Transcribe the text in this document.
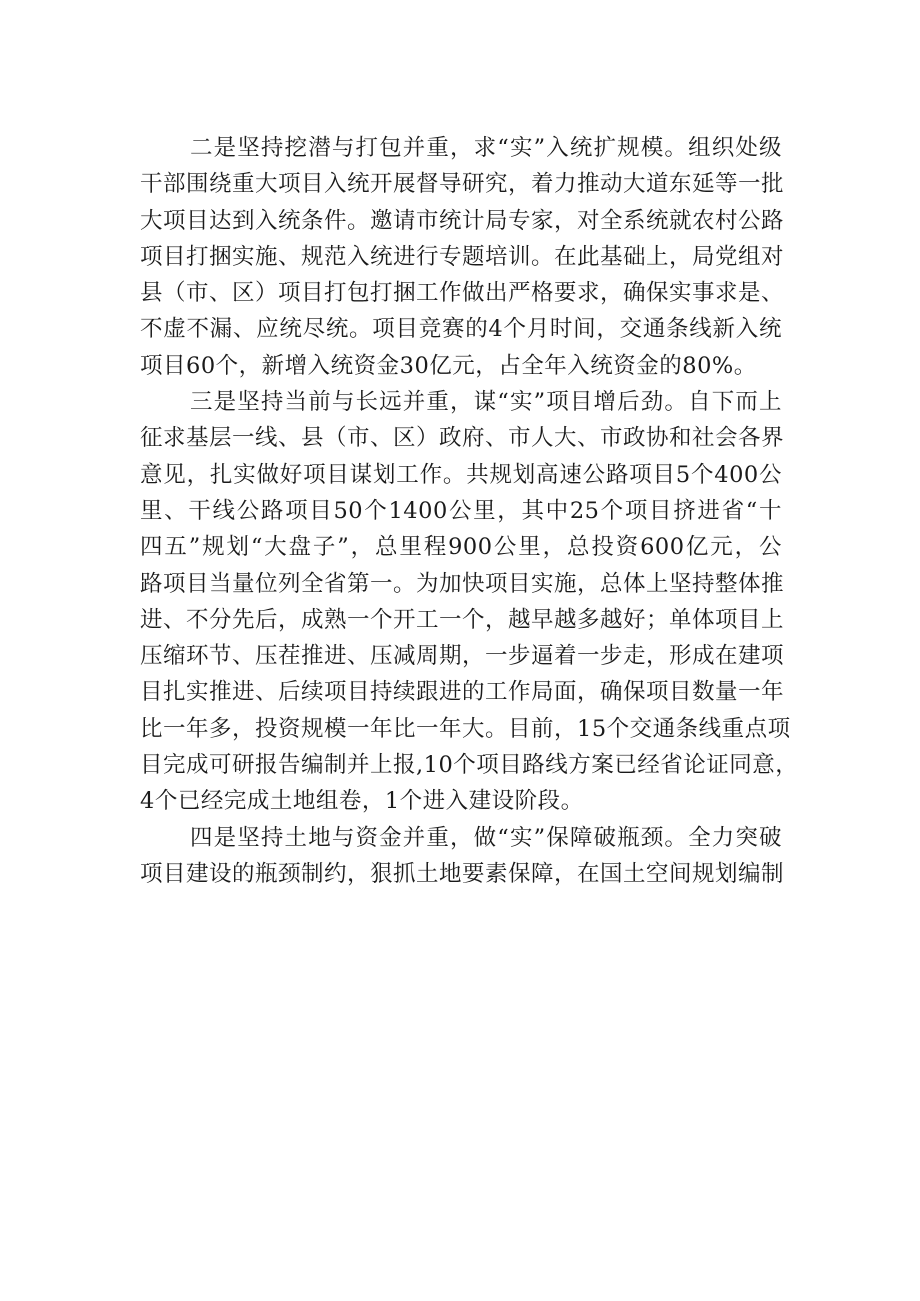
二是坚持挖潜与打包并重，求“实”入统扩规模。组织处级
干部围绕重大项目入统开展督导研究，着力推动大道东延等一批
大项目达到入统条件。邀请市统计局专家，对全系统就农村公路
项目打捆实施、规范入统进行专题培训。在此基础上，局党组对
县（市、区）项目打包打捆工作做出严格要求，确保实事求是、
不虚不漏、应统尽统。项目竞赛的4个月时间，交通条线新入统
项目60个，新增入统资金30亿元，占全年入统资金的80%。
三是坚持当前与长远并重，谋“实”项目增后劲。自下而上
征求基层一线、县（市、区）政府、市人大、市政协和社会各界
意见，扎实做好项目谋划工作。共规划高速公路项目5个400公
里、干线公路项目50个1400公里，其中25个项目挤进省“十
四五”规划“大盘子”，总里程900公里，总投资600亿元，公
路项目当量位列全省第一。为加快项目实施，总体上坚持整体推
进、不分先后，成熟一个开工一个，越早越多越好；单体项目上
压缩环节、压茬推进、压减周期，一步逼着一步走，形成在建项
目扎实推进、后续项目持续跟进的工作局面，确保项目数量一年
比一年多，投资规模一年比一年大。目前，15个交通条线重点项
目完成可研报告编制并上报,10个项目路线方案已经省论证同意，
4个已经完成土地组卷，1个进入建设阶段。
四是坚持土地与资金并重，做“实”保障破瓶颈。全力突破
项目建设的瓶颈制约，狠抓土地要素保障，在国土空间规划编制
